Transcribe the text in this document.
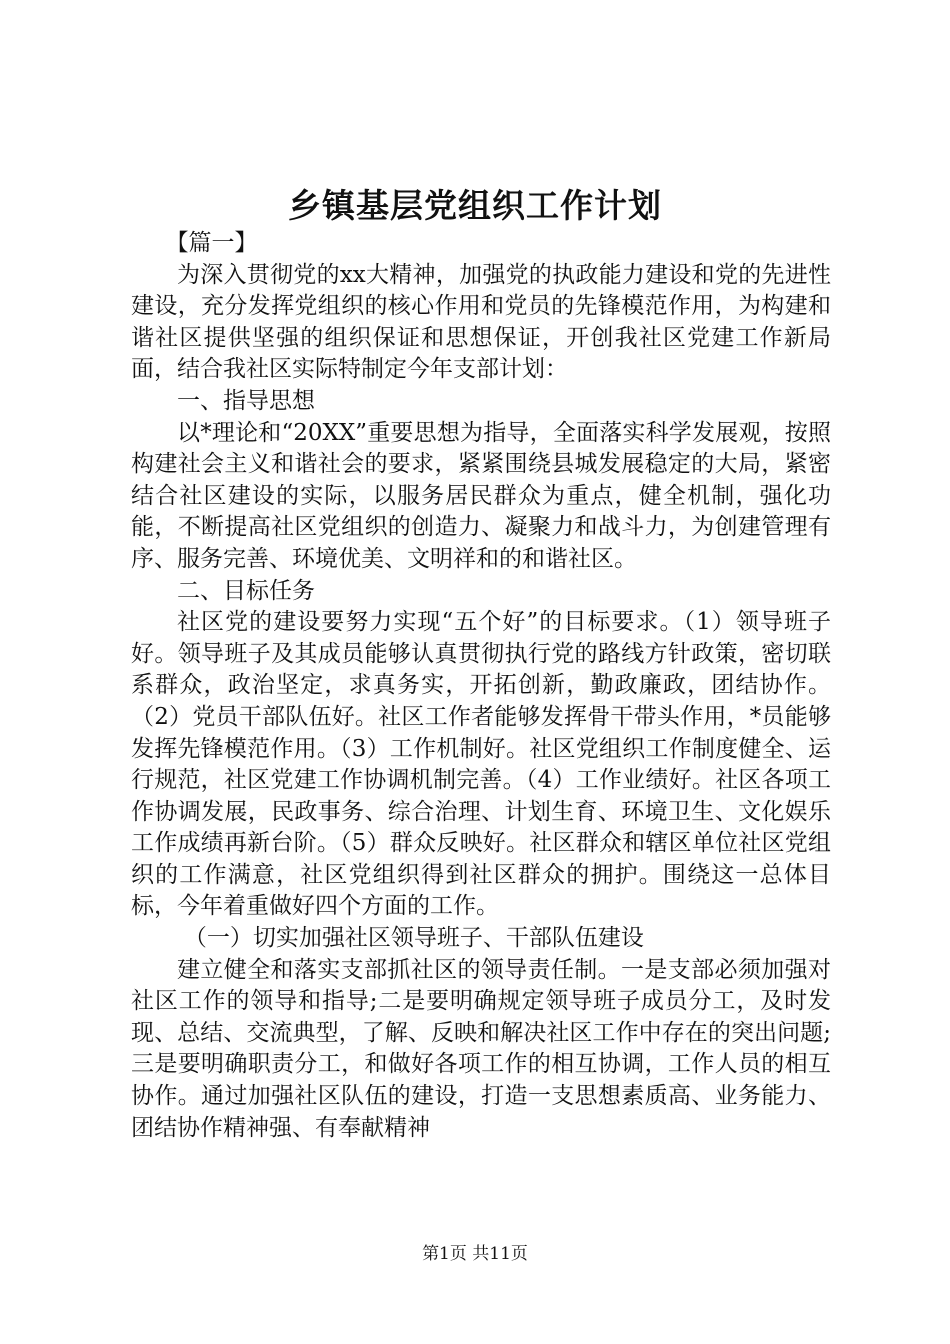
乡镇基层党组织工作计划

【篇一】

为深入贯彻党的xx大精神，加强党的执政能力建设和党的先进性建设，充分发挥党组织的核心作用和党员的先锋模范作用，为构建和谐社区提供坚强的组织保证和思想保证，开创我社区党建工作新局面，结合我社区实际特制定今年支部计划：

一、指导思想

以*理论和“20XX”重要思想为指导，全面落实科学发展观，按照构建社会主义和谐社会的要求，紧紧围绕县城发展稳定的大局，紧密结合社区建设的实际，以服务居民群众为重点，健全机制，强化功能，不断提高社区党组织的创造力、凝聚力和战斗力，为创建管理有序、服务完善、环境优美、文明祥和的和谐社区。

二、目标任务

社区党的建设要努力实现“五个好”的目标要求。（1）领导班子好。领导班子及其成员能够认真贯彻执行党的路线方针政策，密切联系群众，政治坚定，求真务实，开拓创新，勤政廉政，团结协作。（2）党员干部队伍好。社区工作者能够发挥骨干带头作用，*员能够发挥先锋模范作用。（3）工作机制好。社区党组织工作制度健全、运行规范，社区党建工作协调机制完善。（4）工作业绩好。社区各项工作协调发展，民政事务、综合治理、计划生育、环境卫生、文化娱乐工作成绩再新台阶。（5）群众反映好。社区群众和辖区单位社区党组织的工作满意，社区党组织得到社区群众的拥护。围绕这一总体目标，今年着重做好四个方面的工作。

（一）切实加强社区领导班子、干部队伍建设

建立健全和落实支部抓社区的领导责任制。一是支部必须加强对社区工作的领导和指导;二是要明确规定领导班子成员分工，及时发现、总结、交流典型，了解、反映和解决社区工作中存在的突出问题;三是要明确职责分工，和做好各项工作的相互协调，工作人员的相互协作。通过加强社区队伍的建设，打造一支思想素质高、业务能力、团结协作精神强、有奉献精神

第1页 共11页
